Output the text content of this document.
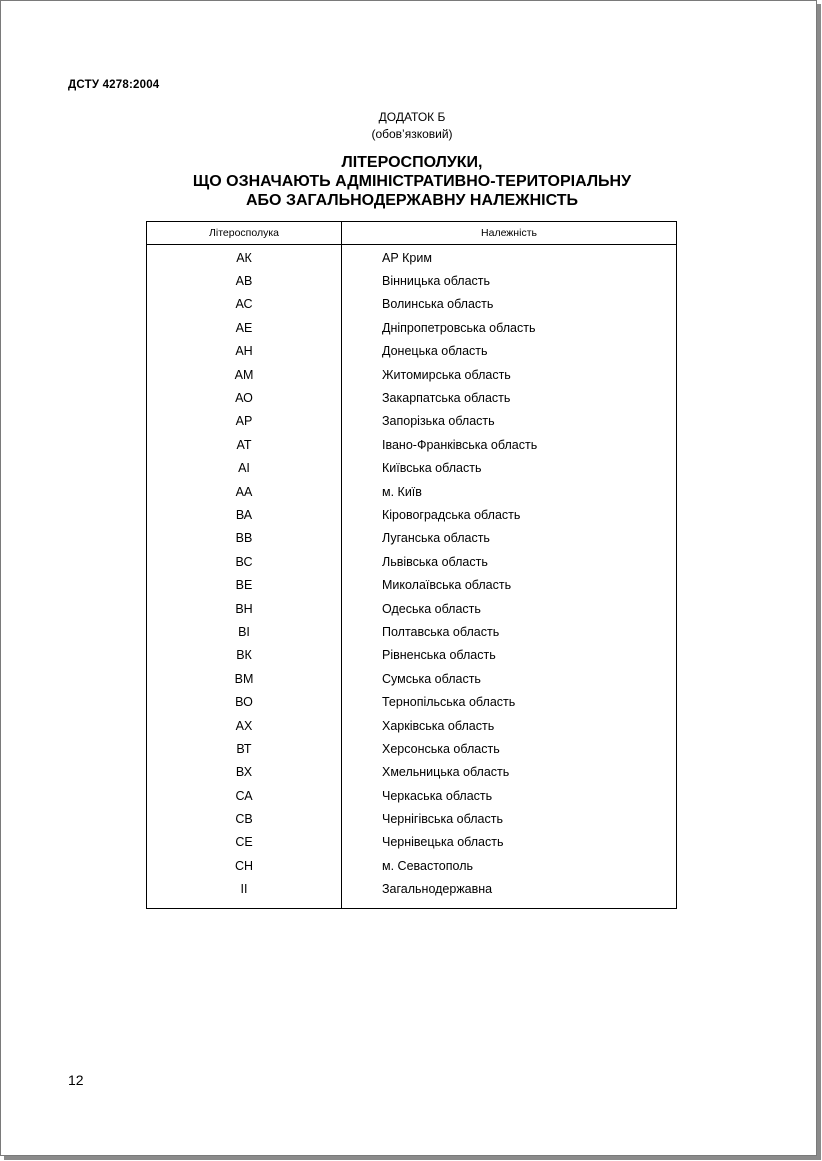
ДСТУ 4278:2004
ДОДАТОК Б
(обов’язковий)
ЛІТЕРОСПОЛУКИ,
ЩО ОЗНАЧАЮТЬ АДМІНІСТРАТИВНО-ТЕРИТОРІАЛЬНУ
АБО ЗАГАЛЬНОДЕРЖАВНУ НАЛЕЖНІСТЬ
Літеросполука	Належність

АК	АР Крим
АВ	Вінницька область
АС	Волинська область
АЕ	Дніпропетровська область
АН	Донецька область
АМ	Житомирська область
АО	Закарпатська область
АР	Запорізька область
АТ	Івано-Франківська область
АІ	Київська область
АА	м. Київ
ВА	Кіровоградська область
ВВ	Луганська область
ВС	Львівська область
ВЕ	Миколаївська область
ВН	Одеська область
ВІ	Полтавська область
ВК	Рівненська область
ВМ	Сумська область
ВО	Тернопільська область
АХ	Харківська область
ВТ	Херсонська область
ВХ	Хмельницька область
СА	Черкаська область
СВ	Чернігівська область
СЕ	Чернівецька область
СН	м. Севастополь
ІІ	Загальнодержавна

12
